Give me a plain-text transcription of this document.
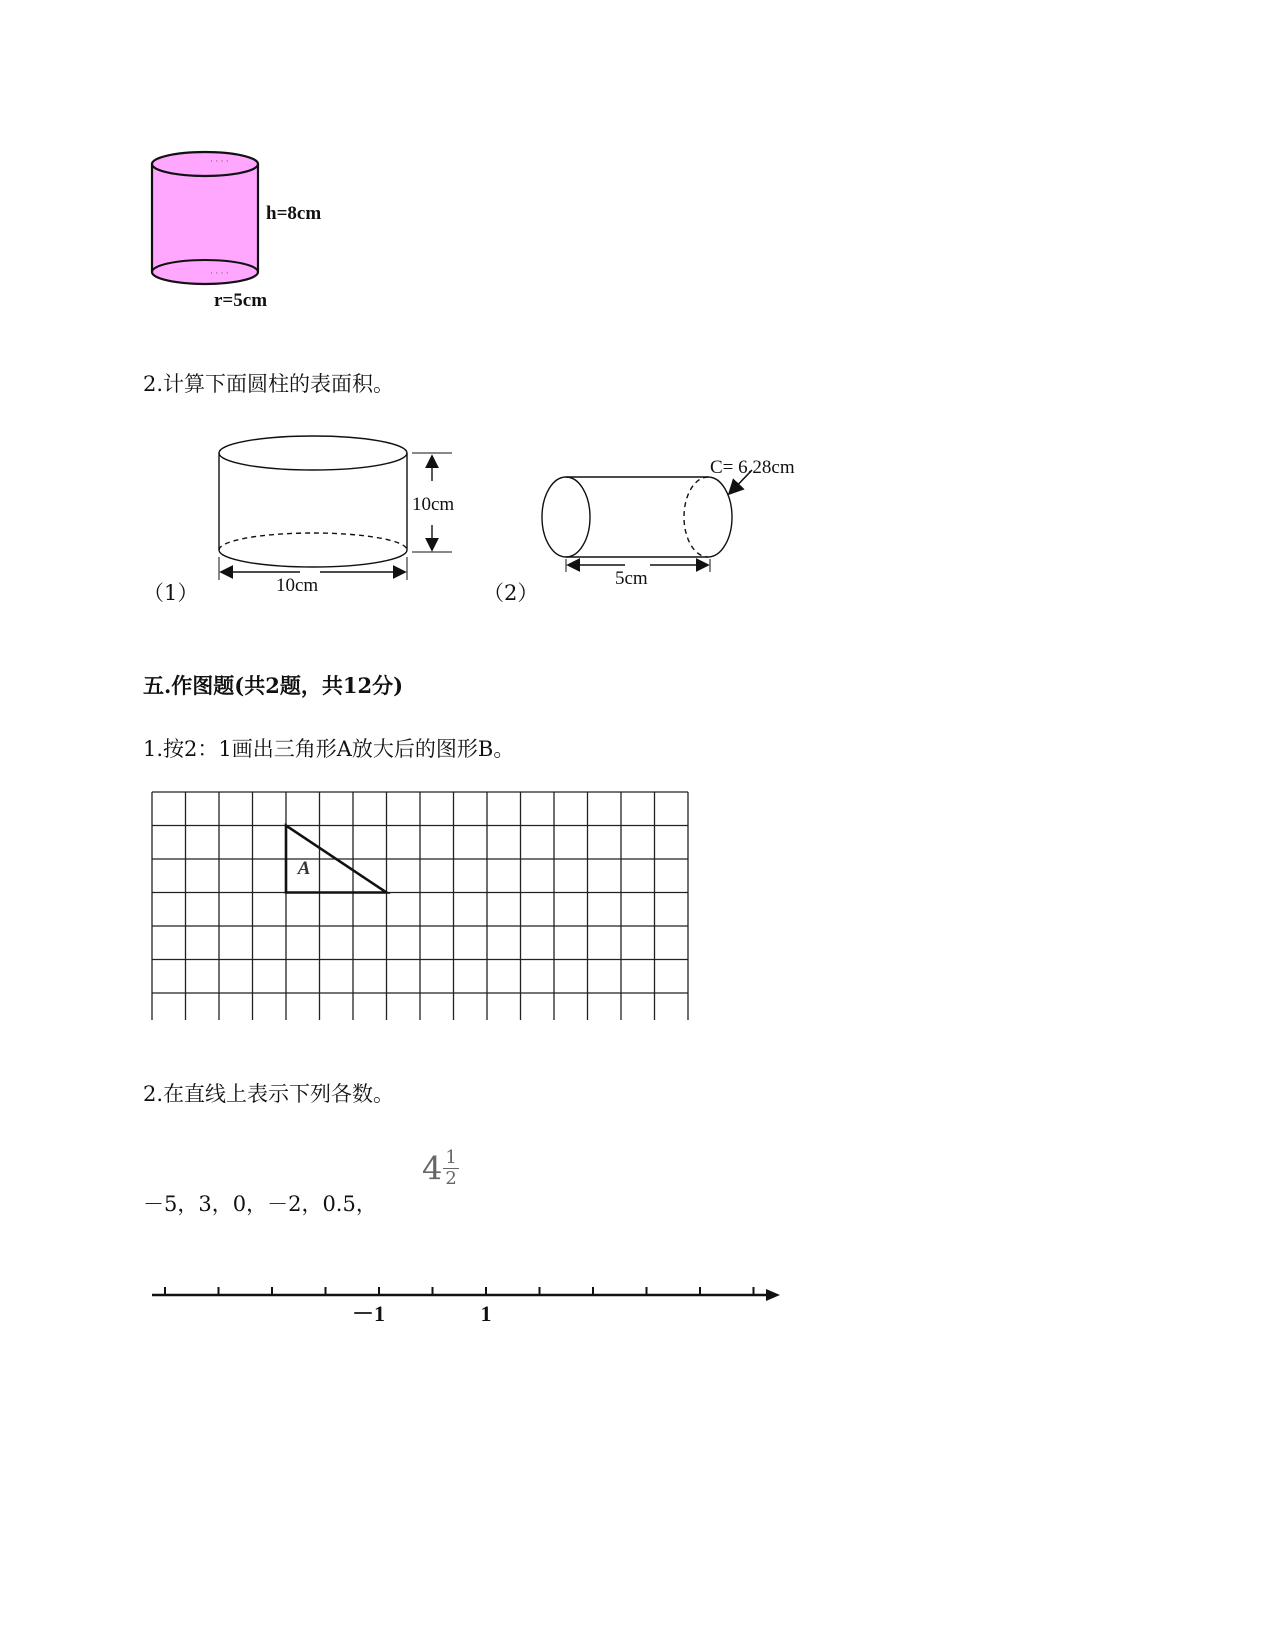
· · · ·
· · · ·
h=8cm
r=5cm
2.计算下面圆柱的表面积。
10cm
10cm
（1）
C= 6.28cm
5cm
（2）
五.作图题(共2题，共12分)
1.按2：1画出三角形A放大后的图形B。
A
2.在直线上表示下列各数。
－5，3，0，－2，0.5，
$4 \frac{1}{2}$
－1	1
